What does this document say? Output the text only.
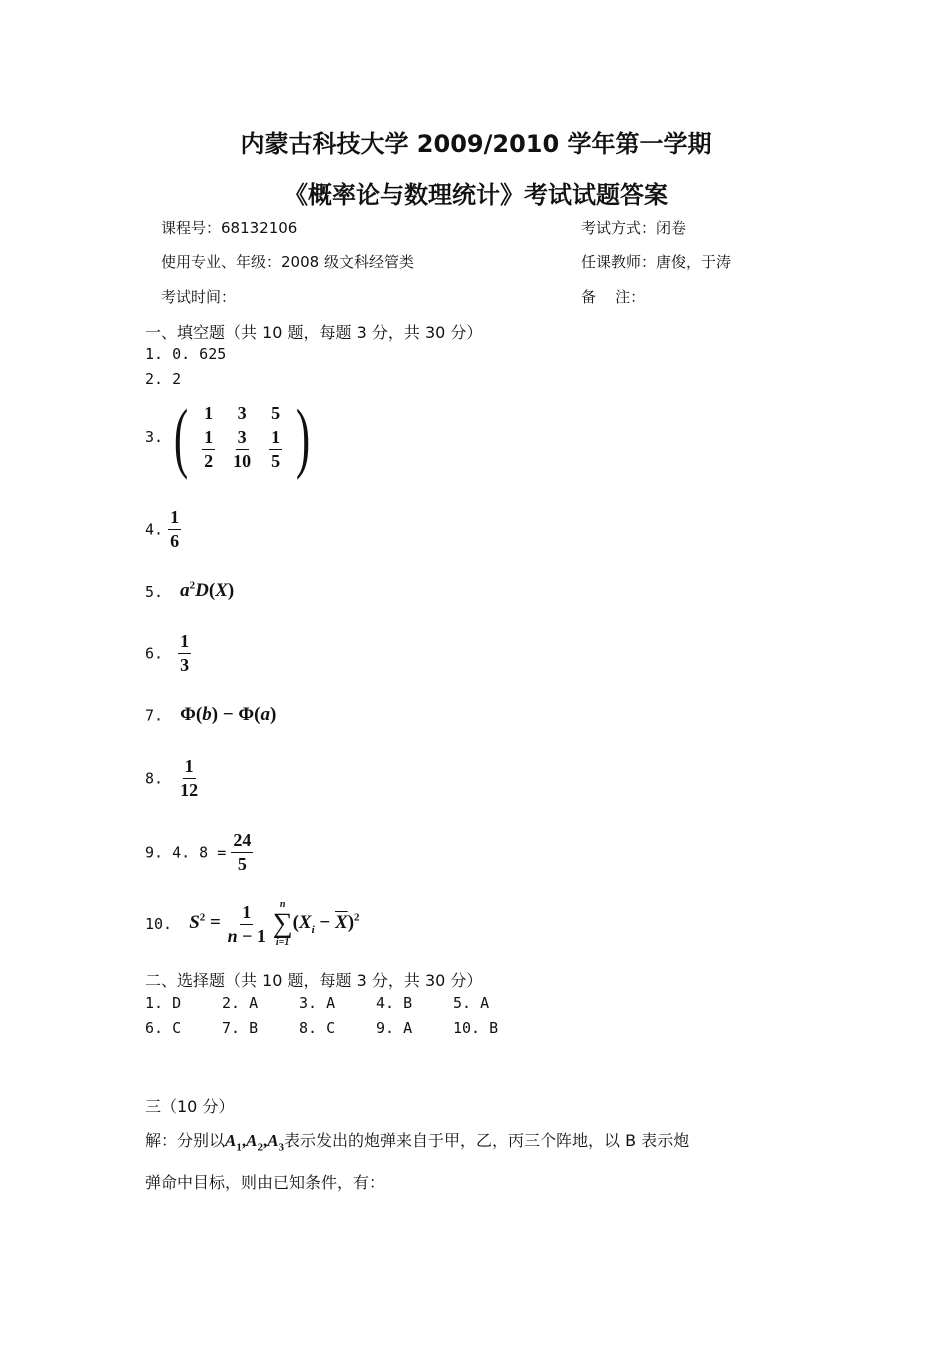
内蒙古科技大学 2009/2010 学年第一学期
《概率论与数理统计》考试试题答案
课程号：68132106	考试方式：闭卷
使用专业、年级：2008 级文科经管类	任课教师：唐俊，于涛
考试时间：	备    注：
一、填空题（共 10 题，每题 3 分，共 30 分）
1. 0. 625
2. 2
3. ( 1	3	5

$\frac{1}{2}$	$\frac{3}{10}$	$\frac{1}{5}$ )
4. $\frac{1}{6}$
5. $a^2D(X)$
6. $\frac{1}{3}$
7. Φ(b) − Φ(a)
8. $\frac{1}{12}$
9. 4. $8 = \frac{24}{5}$
10. $S^2 = \frac{1}{n - 1}$
n
∑
i=1
$(X_i - \overline{X})^2$
二、选择题（共 10 题，每题 3 分，共 30 分）
1. D	2. A	3. A	4. B	5. A
6. C	7. B	8. C	9. A	10. B
三（10 分）
解：分别以$A_1,A_2,A_3$表示发出的炮弹来自于甲，乙，丙三个阵地，以 B 表示炮
弹命中目标，则由已知条件，有：
